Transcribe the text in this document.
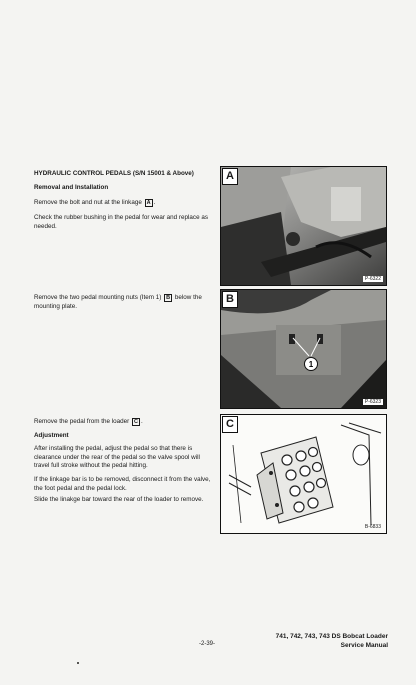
HYDRAULIC CONTROL PEDALS (S/N 15001 & Above)
Removal and Installation
Remove the bolt and nut at the linkage A .
Check the rubber bushing in the pedal for wear and replace as needed.
Remove the two pedal mounting nuts (Item 1) B below the mounting plate.
Remove the pedal from the loader C .
Adjustment
After installing the pedal, adjust the pedal so that there is clearance under the rear of the pedal so the valve spool will travel full stroke without the pedal hitting.
If the linkage bar is to be removed, disconnect it from the valve, the foot pedal and the pedal lock.
Slide the linakge bar toward the rear of the loader to remove.
A
P-6322
1
B
P-6323
C
B-6833
-2-39-
741, 742, 743, 743 DS Bobcat Loader
Service Manual
